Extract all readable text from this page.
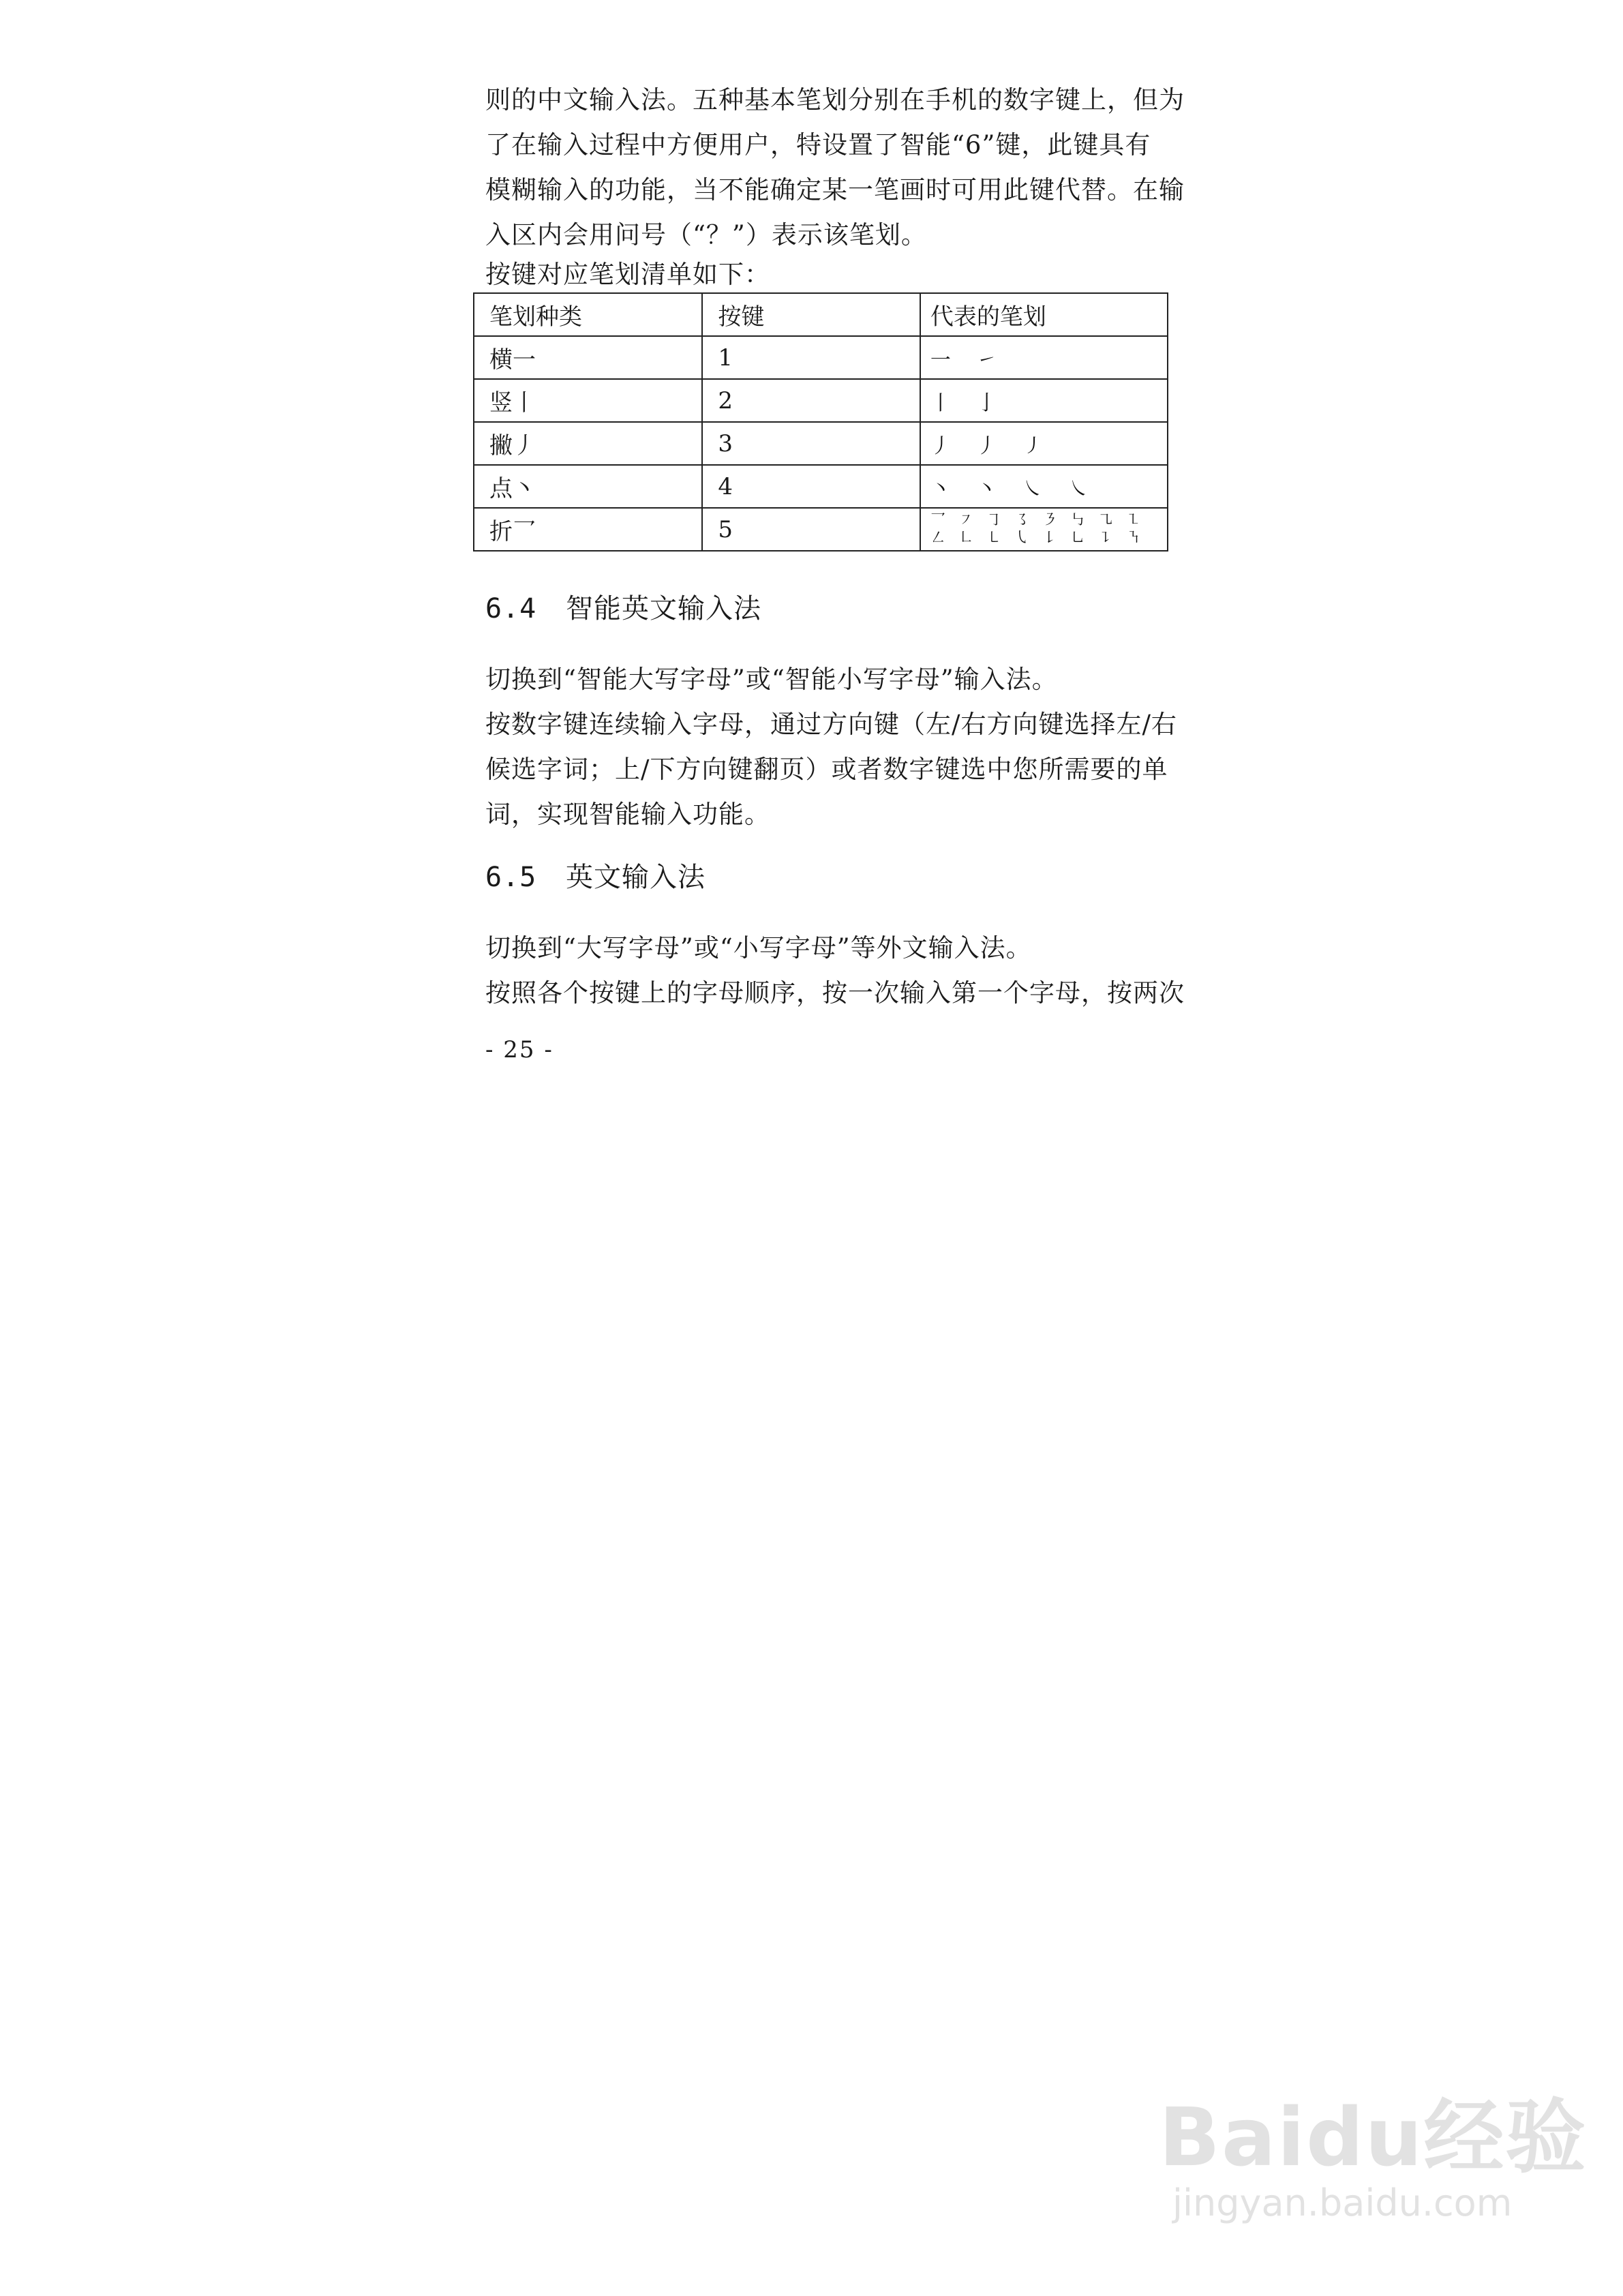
则的中文输入法。五种基本笔划分别在手机的数字键上，但为
了在输入过程中方便用户，特设置了智能“6”键，此键具有
模糊输入的功能，当不能确定某一笔画时可用此键代替。在输
入区内会用问号（“？”）表示该笔划。

按键对应笔划清单如下：

笔划种类	按键	代表的笔划
横一	1	一 ㇀
竖丨	2	丨 亅
撇丿	3	丿 丿 ㇓
点丶	4	丶 丶 ㇏ ㇏
折乛	5	乛 ㇇ ㇆ ㇌ ㇋ ㇉ ㇈ ㇅
㇜ ㇗ ㇄ ㇂ ㇙ ㇟ ㇊ ㇎
6.4 智能英文输入法

切换到“智能大写字母”或“智能小写字母”输入法。
按数字键连续输入字母，通过方向键（左/右方向键选择左/右
候选字词；上/下方向键翻页）或者数字键选中您所需要的单
词，实现智能输入功能。

6.5 英文输入法

切换到“大写字母”或“小写字母”等外文输入法。
按照各个按键上的字母顺序，按一次输入第一个字母，按两次

- 25 -
Baidu经验
jingyan.baidu.com
